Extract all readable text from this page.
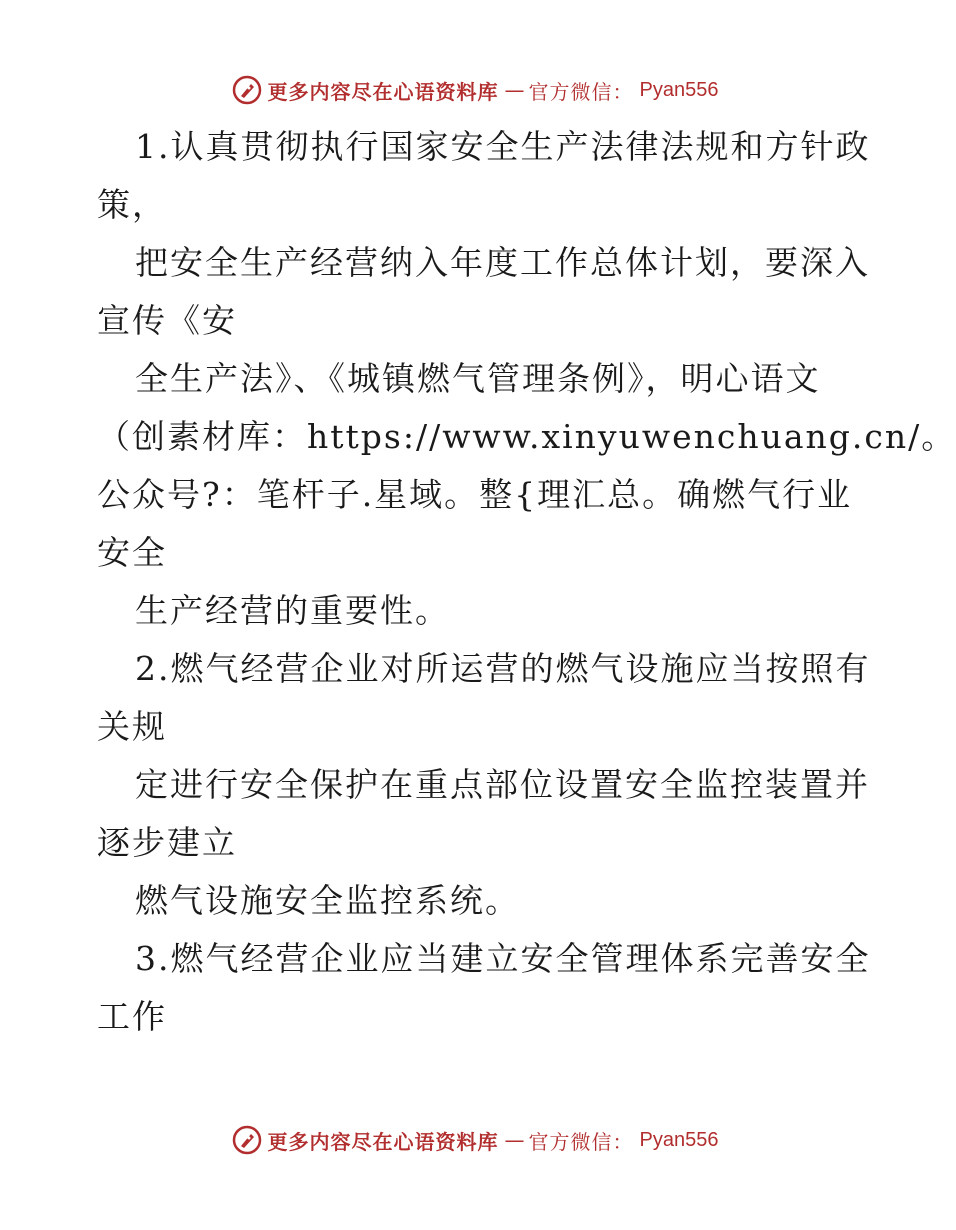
更多内容尽在心语资料库 — 官方微信： Pyan556
1.认真贯彻执行国家安全生产法律法规和方针政
策，
把安全生产经营纳入年度工作总体计划，要深入
宣传《安
全生产法》、《城镇燃气管理条例》，明心语文
（创素材库：https://www.xinyuwenchuang.cn/。
公众号?：笔杆子.星域。整{理汇总。确燃气行业
安全
生产经营的重要性。
2.燃气经营企业对所运营的燃气设施应当按照有
关规
定进行安全保护在重点部位设置安全监控装置并
逐步建立
燃气设施安全监控系统。
3.燃气经营企业应当建立安全管理体系完善安全
工作
更多内容尽在心语资料库 — 官方微信： Pyan556
